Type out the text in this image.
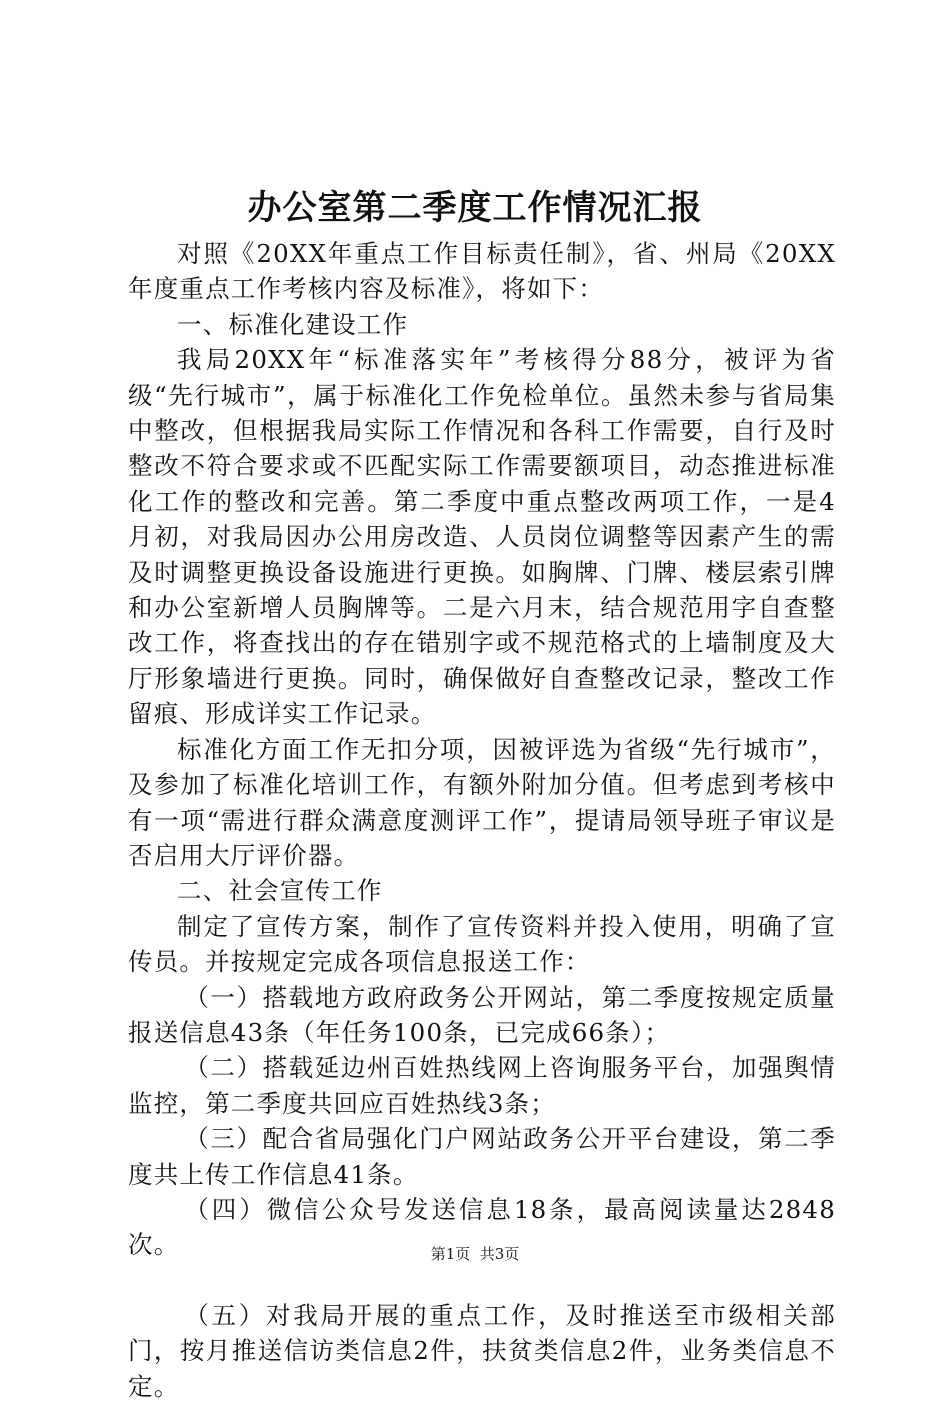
办公室第二季度工作情况汇报

对照《20XX年重点工作目标责任制》，省、州局《20XX年度重点工作考核内容及标准》，将如下：

一、标准化建设工作

我局20XX年“标准落实年”考核得分88分，被评为省级“先行城市”，属于标准化工作免检单位。虽然未参与省局集中整改，但根据我局实际工作情况和各科工作需要，自行及时整改不符合要求或不匹配实际工作需要额项目，动态推进标准化工作的整改和完善。第二季度中重点整改两项工作，一是4月初，对我局因办公用房改造、人员岗位调整等因素产生的需及时调整更换设备设施进行更换。如胸牌、门牌、楼层索引牌和办公室新增人员胸牌等。二是六月末，结合规范用字自查整改工作，将查找出的存在错别字或不规范格式的上墙制度及大厅形象墙进行更换。同时，确保做好自查整改记录，整改工作留痕、形成详实工作记录。

标准化方面工作无扣分项，因被评选为省级“先行城市”，及参加了标准化培训工作，有额外附加分值。但考虑到考核中有一项“需进行群众满意度测评工作”，提请局领导班子审议是否启用大厅评价器。

二、社会宣传工作

制定了宣传方案，制作了宣传资料并投入使用，明确了宣传员。并按规定完成各项信息报送工作：

（一）搭载地方政府政务公开网站，第二季度按规定质量报送信息43条（年任务100条，已完成66条）；

（二）搭载延边州百姓热线网上咨询服务平台，加强舆情监控，第二季度共回应百姓热线3条；

（三）配合省局强化门户网站政务公开平台建设，第二季度共上传工作信息41条。

（四）微信公众号发送信息18条，最高阅读量达2848次。

（五）对我局开展的重点工作，及时推送至市级相关部门，按月推送信访类信息2件，扶贫类信息2件，业务类信息不定。

第1页  共3页
